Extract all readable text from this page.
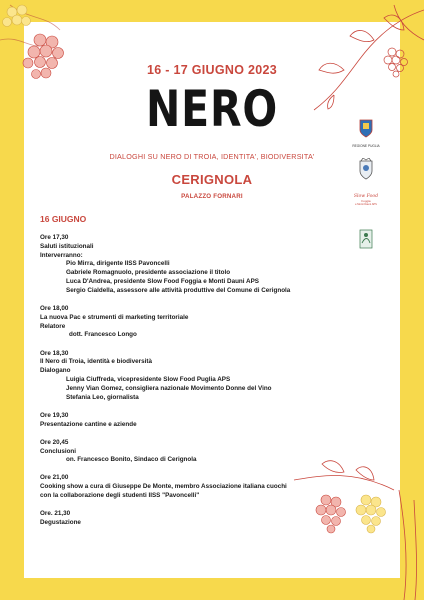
16 - 17 GIUGNO 2023
NERO
DIALOGHI SU NERO DI TROIA, IDENTITA', BIODIVERSITA'
CERIGNOLA
PALAZZO FORNARI
16 GIUGNO
Ore 17,30
Saluti istituzionali
Interverranno:
Pio Mirra, dirigente IISS Pavoncelli
Gabriele Romagnuolo, presidente associazione il titolo
Luca D'Andrea, presidente Slow Food Foggia e Monti Dauni APS
Sergio Cialdella, assessore alle attività produttive del Comune di Cerignola
Ore 18,00
La nuova Pac e strumenti di marketing territoriale
Relatore
dott. Francesco Longo
Ore 18,30
Il Nero di Troia, identità e biodiversità
Dialogano
Luigia Ciuffreda, vicepresidente Slow Food Puglia APS
Jenny Vian Gomez, consigliera nazionale Movimento Donne del Vino
Stefania Leo, giornalista
Ore 19,30
Presentazione cantine e aziende
Ore 20,45
Conclusioni
on. Francesco Bonito, Sindaco di Cerignola
Ore 21,00
Cooking show a cura di Giuseppe De Monte, membro Associazione italiana cuochi
con la collaborazione degli studenti IISS "Pavoncelli"
Ore. 21,30
Degustazione
REGIONE PUGLIA
Slow Food
Foggia
e Monti Dauni APS
